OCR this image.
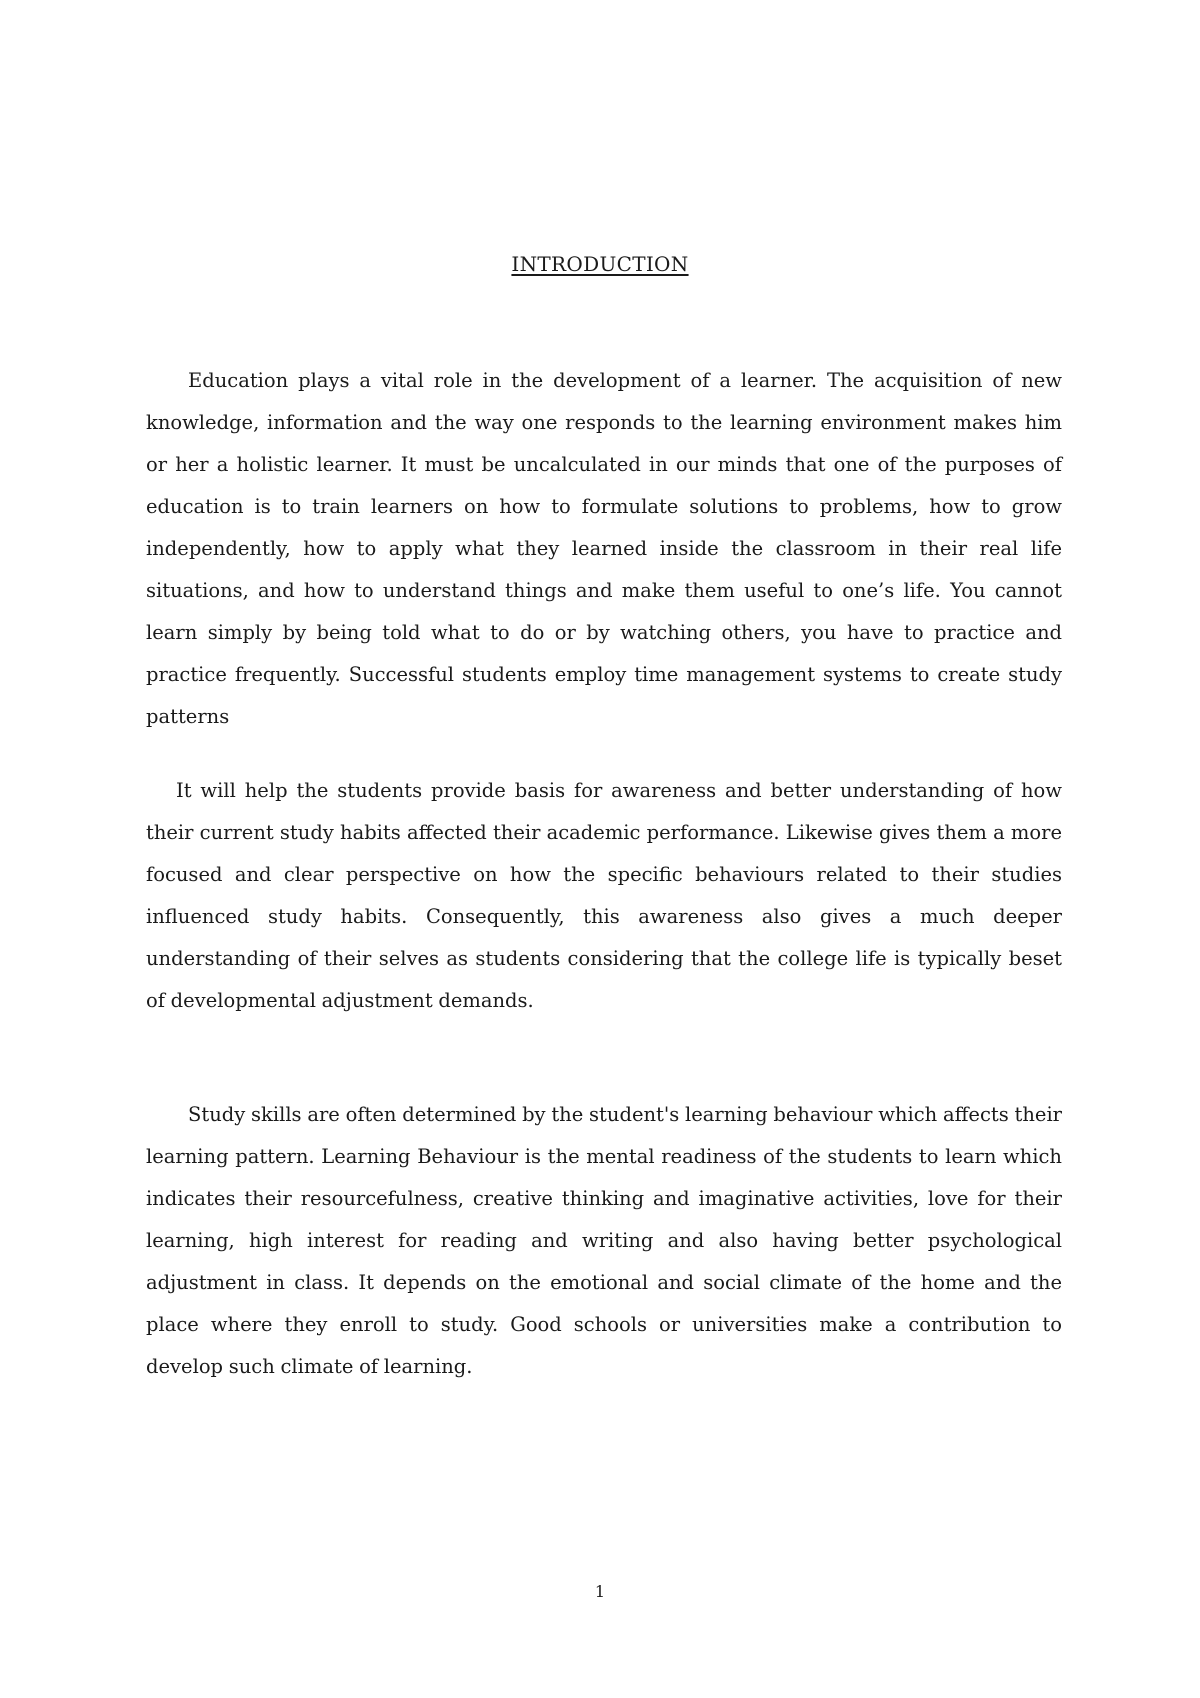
INTRODUCTION

Education plays a vital role in the development of a learner. The acquisition of new knowledge, information and the way one responds to the learning environment makes him or her a holistic learner. It must be uncalculated in our minds that one of the purposes of education is to train learners on how to formulate solutions to problems, how to grow independently, how to apply what they learned inside the classroom in their real life situations, and how to understand things and make them useful to one’s life. You cannot learn simply by being told what to do or by watching others, you have to practice and practice frequently. Successful students employ time management systems to create study patterns

It will help the students provide basis for awareness and better understanding of how their current study habits affected their academic performance. Likewise gives them a more focused and clear perspective on how the specific behaviours related to their studies influenced study habits. Consequently, this awareness also gives a much deeper understanding of their selves as students considering that the college life is typically beset of developmental adjustment demands.

Study skills are often determined by the student's learning behaviour which affects their learning pattern. Learning Behaviour is the mental readiness of the students to learn which indicates their resourcefulness, creative thinking and imaginative activities, love for their learning, high interest for reading and writing and also having better psychological adjustment in class. It depends on the emotional and social climate of the home and the place where they enroll to study. Good schools or universities make a contribution to develop such climate of learning.

1
